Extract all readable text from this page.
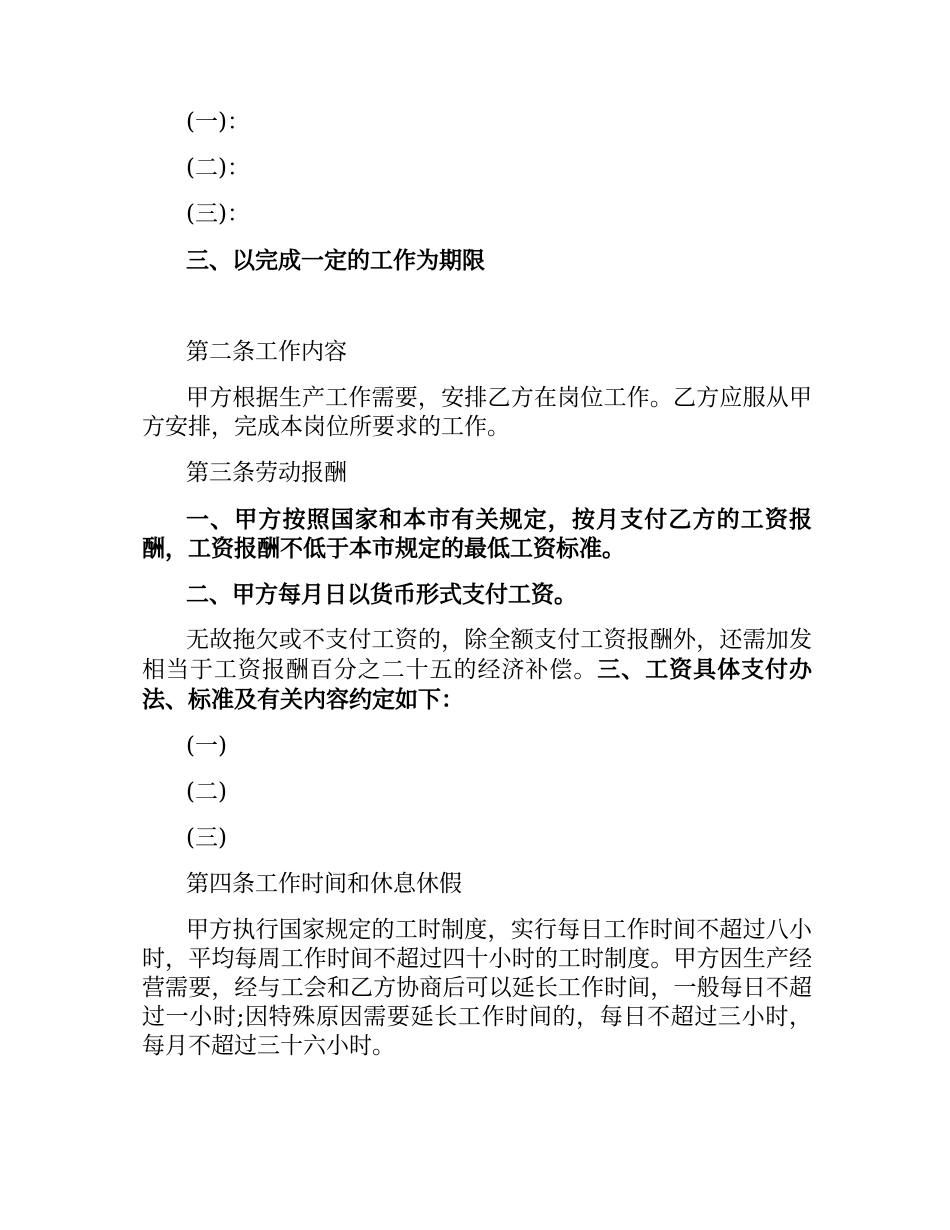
(一)：

(二)：

(三)：

三、以完成一定的工作为期限

第二条工作内容

甲方根据生产工作需要，安排乙方在岗位工作。乙方应服从甲方安排，完成本岗位所要求的工作。

第三条劳动报酬

一、甲方按照国家和本市有关规定，按月支付乙方的工资报酬，工资报酬不低于本市规定的最低工资标准。

二、甲方每月日以货币形式支付工资。

无故拖欠或不支付工资的，除全额支付工资报酬外，还需加发相当于工资报酬百分之二十五的经济补偿。三、工资具体支付办法、标准及有关内容约定如下：

(一)

(二)

(三)

第四条工作时间和休息休假

甲方执行国家规定的工时制度，实行每日工作时间不超过八小时，平均每周工作时间不超过四十小时的工时制度。甲方因生产经营需要，经与工会和乙方协商后可以延长工作时间，一般每日不超过一小时;因特殊原因需要延长工作时间的，每日不超过三小时，每月不超过三十六小时。
